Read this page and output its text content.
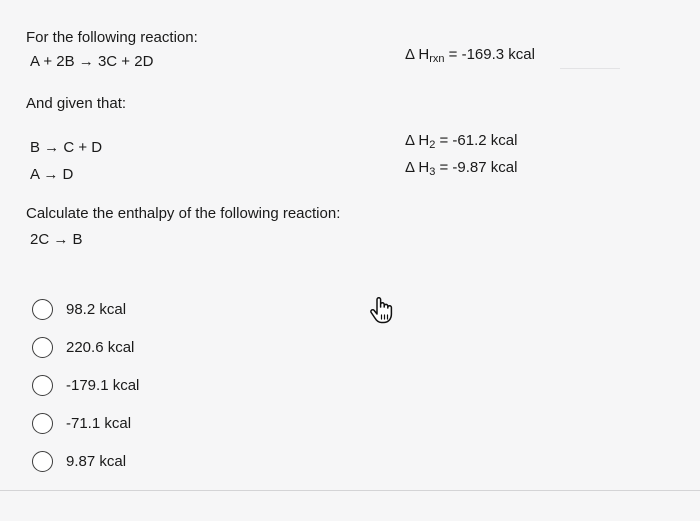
For the following reaction:
A + 2B → 3C + 2D	Δ $H_{rxn} = -169.3$ kcal
And given that:
B → C + D
A → D
Δ $H_2 = -61.2$ kcal
Δ $H_3 = -9.87$ kcal
Calculate the enthalpy of the following reaction:
2C → B
98.2 kcal
220.6 kcal
-179.1 kcal
-71.1 kcal
9.87 kcal
